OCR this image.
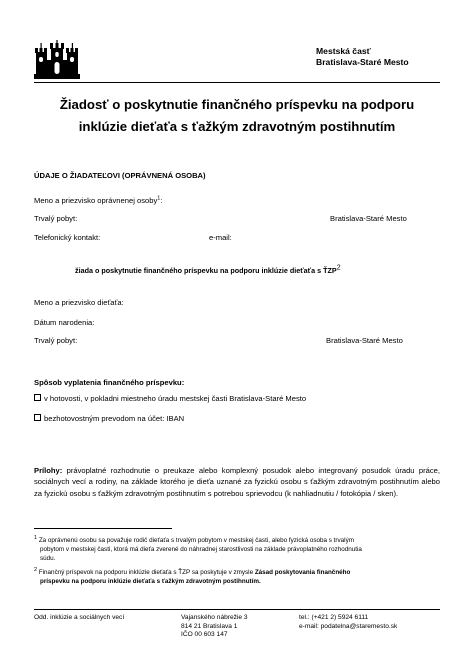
Mestská časť
Bratislava-Staré Mesto
Žiadosť o poskytnutie finančného príspevku na podporu
inklúzie dieťaťa s ťažkým zdravotným postihnutím
ÚDAJE O ŽIADATEĽOVI (OPRÁVNENÁ OSOBA)
Meno a priezvisko oprávnenej osoby$^1$:
Trvalý pobyt:	Bratislava-Staré Mesto
Telefonický kontakt:	e-mail:
žiada o poskytnutie finančného príspevku na podporu inklúzie dieťaťa s ŤZP2
Meno a priezvisko dieťaťa:
Dátum narodenia:
Trvalý pobyt:	Bratislava-Staré Mesto
Spôsob vyplatenia finančného príspevku:
v hotovosti, v pokladni miestneho úradu mestskej časti Bratislava-Staré Mesto
bezhotovostným prevodom na účet: IBAN
Prílohy: právoplatné rozhodnutie o preukaze alebo komplexný posudok alebo integrovaný posudok úradu práce, sociálnych vecí a rodiny, na základe ktorého je dieťa uznané za fyzickú osobu s ťažkým zdravotným postihnutím alebo za fyzickú osobu s ťažkým zdravotným postihnutím s potrebou sprievodcu (k nahliadnutiu / fotokópia / sken).
1 Za oprávnenú osobu sa považuje rodič dieťaťa s trvalým pobytom v mestskej časti, alebo fyzická osoba s trvalým
pobytom v mestskej časti, ktorá má dieťa zverené do náhradnej starostlivosti na základe právoplatného rozhodnutia
súdu.
2 Finančný príspevok na podporu inklúzie dieťaťa s ŤZP sa poskytuje v zmysle Zásad poskytovania finančného
príspevku na podporu inklúzie dieťaťa s ťažkým zdravotným postihnutím.
Odd. inklúzie a sociálnych vecí	Vajanského nábrežie 3
814 21 Bratislava 1
IČO 00 603 147
tel.: (+421 2) 5924 6111
e-mail: podatelna@staremesto.sk
